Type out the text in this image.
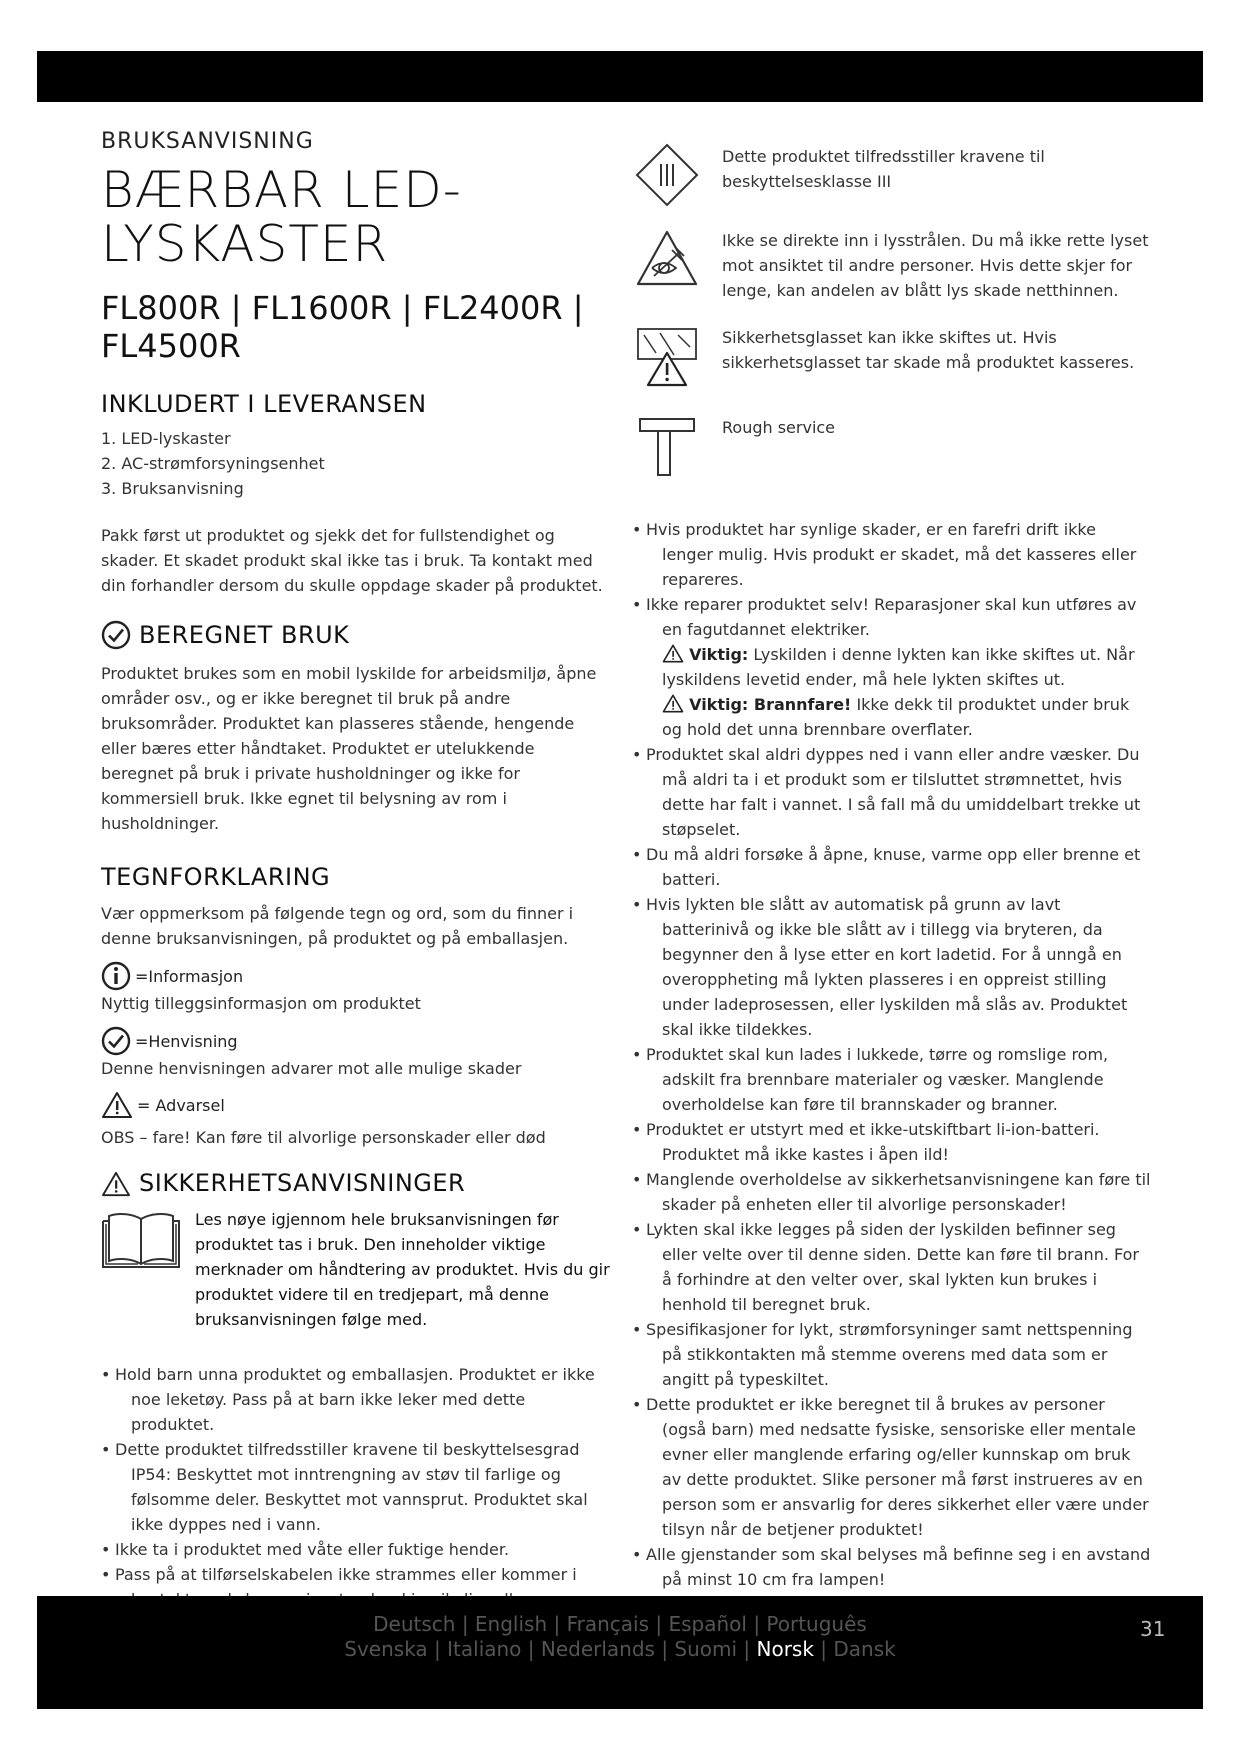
BRUKSANVISNING
BÆRBAR LED-LYSKASTER
FL800R | FL1600R | FL2400R | FL4500R
INKLUDERT I LEVERANSEN
1. LED-lyskaster
2. AC-strømforsyningsenhet
3. Bruksanvisning

Pakk først ut produktet og sjekk det for fullstendighet og skader. Et skadet produkt skal ikke tas i bruk. Ta kontakt med din forhandler dersom du skulle oppdage skader på produktet.

BEREGNET BRUK

Produktet brukes som en mobil lyskilde for arbeidsmiljø, åpne områder osv., og er ikke beregnet til bruk på andre bruksområder. Produktet kan plasseres stående, hengende eller bæres etter håndtaket. Produktet er utelukkende beregnet på bruk i private husholdninger og ikke for kommersiell bruk. Ikke egnet til belysning av rom i husholdninger.

TEGNFORKLARING

Vær oppmerksom på følgende tegn og ord, som du finner i denne bruksanvisningen, på produktet og på emballasjen.

=Informasjon

Nyttig tilleggsinformasjon om produktet

=Henvisning

Denne henvisningen advarer mot alle mulige skader

= Advarsel

OBS – fare! Kan føre til alvorlige personskader eller død

SIKKERHETSANVISNINGER

Les nøye igjennom hele bruksanvisningen før produktet tas i bruk. Den inneholder viktige merknader om håndtering av produktet. Hvis du gir produktet videre til en tredjepart, må denne bruksanvisningen følge med.

• Hold barn unna produktet og emballasjen. Produktet er ikke noe leketøy. Pass på at barn ikke leker med dette produktet.
• Dette produktet tilfredsstiller kravene til beskyttelsesgrad IP54: Beskyttet mot inntrengning av støv til farlige og følsomme deler. Beskyttet mot vannsprut. Produktet skal ikke dyppes ned i vann.
• Ikke ta i produktet med våte eller fuktige hender.
• Pass på at tilførselskabelen ikke strammes eller kommer i

Dette produktet tilfredsstiller kravene til beskyttelsesklasse III

Ikke se direkte inn i lysstrålen. Du må ikke rette lyset mot ansiktet til andre personer. Hvis dette skjer for lenge, kan andelen av blått lys skade netthinnen.

Sikkerhetsglasset kan ikke skiftes ut. Hvis sikkerhetsglasset tar skade må produktet kasseres.

Rough service

• Hvis produktet har synlige skader, er en farefri drift ikke lenger mulig. Hvis produkt er skadet, må det kasseres eller repareres.
• Ikke reparer produktet selv! Reparasjoner skal kun utføres av en fagutdannet elektriker.
Viktig: Lyskilden i denne lykten kan ikke skiftes ut. Når lyskildens levetid ender, må hele lykten skiftes ut.
Viktig: Brannfare! Ikke dekk til produktet under bruk og hold det unna brennbare overflater.
• Produktet skal aldri dyppes ned i vann eller andre væsker. Du må aldri ta i et produkt som er tilsluttet strømnettet, hvis dette har falt i vannet. I så fall må du umiddelbart trekke ut støpselet.
• Du må aldri forsøke å åpne, knuse, varme opp eller brenne et batteri.
• Hvis lykten ble slått av automatisk på grunn av lavt batterinivå og ikke ble slått av i tillegg via bryteren, da begynner den å lyse etter en kort ladetid. For å unngå en overoppheting må lykten plasseres i en oppreist stilling under ladeprosessen, eller lyskilden må slås av. Produktet skal ikke tildekkes.
• Produktet skal kun lades i lukkede, tørre og romslige rom, adskilt fra brennbare materialer og væsker. Manglende overholdelse kan føre til brannskader og branner.
• Produktet er utstyrt med et ikke-utskiftbart li-ion-batteri. Produktet må ikke kastes i åpen ild!
• Manglende overholdelse av sikkerhetsanvisningene kan føre til skader på enheten eller til alvorlige personskader!
• Lykten skal ikke legges på siden der lyskilden befinner seg eller velte over til denne siden. Dette kan føre til brann. For å forhindre at den velter over, skal lykten kun brukes i henhold til beregnet bruk.
• Spesifikasjoner for lykt, strømforsyninger samt nettspenning på stikkontakten må stemme overens med data som er angitt på typeskiltet.
• Dette produktet er ikke beregnet til å brukes av personer (også barn) med nedsatte fysiske, sensoriske eller mentale evner eller manglende erfaring og/eller kunnskap om bruk av dette produktet. Slike personer må først instrueres av en person som er ansvarlig for deres sikkerhet eller være under tilsyn når de betjener produktet!
• Alle gjenstander som skal belyses må befinne seg i en avstand på minst 10 cm fra lampen!
Deutsch | English | Français | Español | Português
Svenska | Italiano | Nederlands | Suomi | Norsk | Dansk
31
